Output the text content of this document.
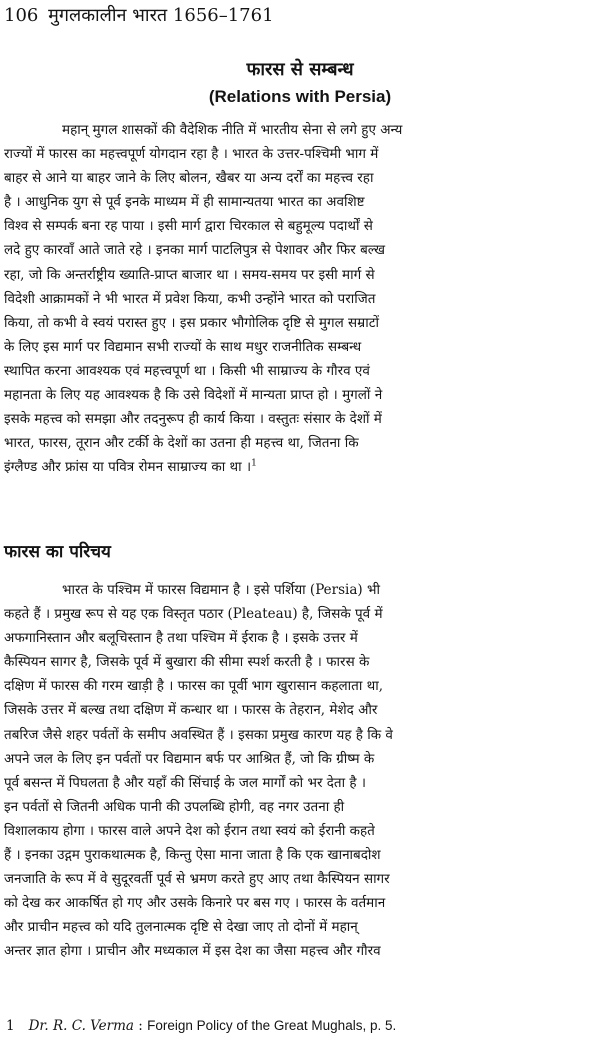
106 मुगलकालीन भारत 1656–1761
फारस से सम्बन्ध
(Relations with Persia)
महान् मुगल शासकों की वैदेशिक नीति में भारतीय सेना से लगे हुए अन्य
राज्यों में फारस का महत्त्वपूर्ण योगदान रहा है । भारत के उत्तर-पश्चिमी भाग में
बाहर से आने या बाहर जाने के लिए बोलन, खैबर या अन्य दर्रों का महत्त्व रहा
है । आधुनिक युग से पूर्व इनके माध्यम में ही सामान्यतया भारत का अवशिष्ट
विश्व से सम्पर्क बना रह पाया । इसी मार्ग द्वारा चिरकाल से बहुमूल्य पदार्थों से
लदे हुए कारवाँ आते जाते रहे । इनका मार्ग पाटलिपुत्र से पेशावर और फिर बल्ख
रहा, जो कि अन्तर्राष्ट्रीय ख्याति-प्राप्त बाजार था । समय-समय पर इसी मार्ग से
विदेशी आक्रामकों ने भी भारत में प्रवेश किया, कभी उन्होंने भारत को पराजित
किया, तो कभी वे स्वयं परास्त हुए । इस प्रकार भौगोलिक दृष्टि से मुगल सम्राटों
के लिए इस मार्ग पर विद्यमान सभी राज्यों के साथ मधुर राजनीतिक सम्बन्ध
स्थापित करना आवश्यक एवं महत्त्वपूर्ण था । किसी भी साम्राज्य के गौरव एवं
महानता के लिए यह आवश्यक है कि उसे विदेशों में मान्यता प्राप्त हो । मुगलों ने
इसके महत्त्व को समझा और तदनुरूप ही कार्य किया । वस्तुतः संसार के देशों में
भारत, फारस, तूरान और टर्की के देशों का उतना ही महत्त्व था, जितना कि
इंग्लैण्ड और फ्रांस या पवित्र रोमन साम्राज्य का था ।$^1$
फारस का परिचय
भारत के पश्चिम में फारस विद्यमान है । इसे पर्शिया (Persia) भी
कहते हैं । प्रमुख रूप से यह एक विस्तृत पठार (Pleateau) है, जिसके पूर्व में
अफगानिस्तान और बलूचिस्तान है तथा पश्चिम में ईराक है । इसके उत्तर में
कैस्पियन सागर है, जिसके पूर्व में बुखारा की सीमा स्पर्श करती है । फारस के
दक्षिण में फारस की गरम खाड़ी है । फारस का पूर्वी भाग खुरासान कहलाता था,
जिसके उत्तर में बल्ख तथा दक्षिण में कन्धार था । फारस के तेहरान, मेशेद और
तबरिज जैसे शहर पर्वतों के समीप अवस्थित हैं । इसका प्रमुख कारण यह है कि वे
अपने जल के लिए इन पर्वतों पर विद्यमान बर्फ पर आश्रित हैं, जो कि ग्रीष्म के
पूर्व बसन्त में पिघलता है और यहाँ की सिंचाई के जल मार्गों को भर देता है ।
इन पर्वतों से जितनी अधिक पानी की उपलब्धि होगी, वह नगर उतना ही
विशालकाय होगा । फारस वाले अपने देश को ईरान तथा स्वयं को ईरानी कहते
हैं । इनका उद्गम पुराकथात्मक है, किन्तु ऐसा माना जाता है कि एक खानाबदोश
जनजाति के रूप में वे सुदूरवर्ती पूर्व से भ्रमण करते हुए आए तथा कैस्पियन सागर
को देख कर आकर्षित हो गए और उसके किनारे पर बस गए । फारस के वर्तमान
और प्राचीन महत्त्व को यदि तुलनात्मक दृष्टि से देखा जाए तो दोनों में महान्
अन्तर ज्ञात होगा । प्राचीन और मध्यकाल में इस देश का जैसा महत्त्व और गौरव
1 Dr. R. C. Verma : Foreign Policy of the Great Mughals, p. 5.
